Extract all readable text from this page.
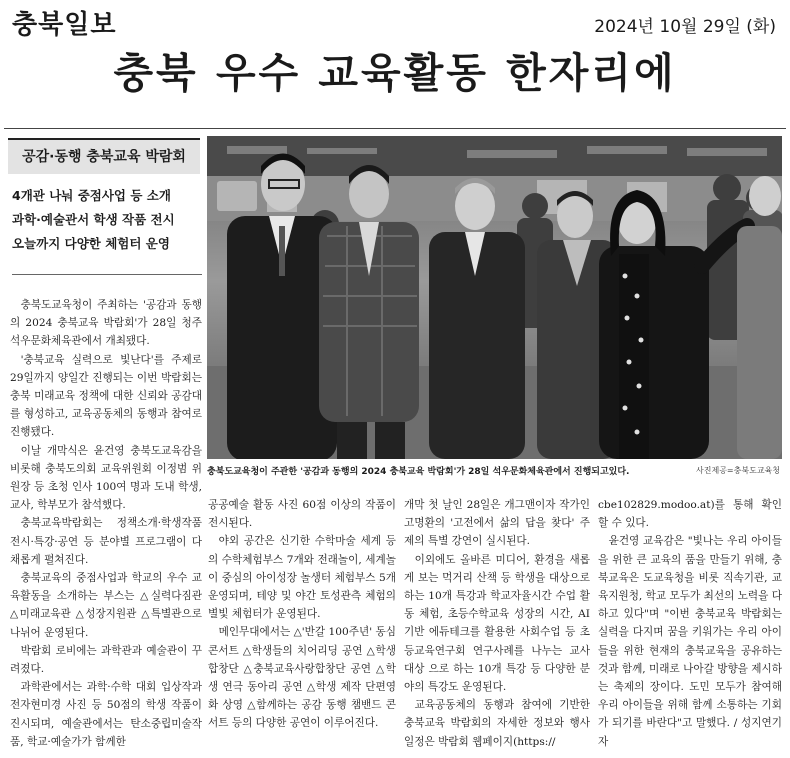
충북일보	2024년 10월 29일 (화)
충북 우수 교육활동 한자리에
공감·동행 충북교육 박람회
4개관 나눠 중점사업 등 소개
과학·예술관서 학생 작품 전시
오늘까지 다양한 체험터 운영
충북도교육청이 주관한 '공감과 동행의 2024 충북교육 박람회'가 28일 석우문화체육관에서 진행되고있다.	사진제공=충북도교육청

충북도교육청이 주최하는 '공감과 동행의 2024 충북교육 박람회'가 28일 청주 석우문화체육관에서 개최됐다.

'충북교육 실력으로 빛난다'를 주제로 29일까지 양일간 진행되는 이번 박람회는 충북 미래교육 정책에 대한 신뢰와 공감대를 형성하고, 교육공동체의 동행과 참여로 진행됐다.

이날 개막식은 윤건영 충북도교육감을 비롯해 충북도의회 교육위원회 이정범 위원장 등 초청 인사 100여 명과 도내 학생, 교사, 학부모가 참석했다.

충북교육박람회는 정책소개·학생작품 전시·특강·공연 등 분야별 프로그램이 다채롭게 펼쳐진다.

충북교육의 중점사업과 학교의 우수 교육활동을 소개하는 부스는 △실력다짐관 △미래교육관 △성장지원관 △특별관으로 나뉘어 운영된다.

박람회 로비에는 과학관과 예술관이 꾸려졌다.

과학관에서는 과학·수학 대회 입상작과 전자현미경 사진 등 50점의 학생 작품이 진시되며, 예술관에서는 탄소중립미술작품, 학교·예술가가 함께한

공공예술 활동 사진 60점 이상의 작품이 전시된다.

야외 공간은 신기한 수학마술 세계 등의 수학체험부스 7개와 전래놀이, 세계놀이 중심의 아이성장 놀생터 체험부스 5개 운영되며, 테양 및 야간 토성관측 체험의 별빛 체험터가 운영된다.

메인무대에서는 △'반갈 100주년' 동심콘서트 △학생들의 치어리딩 공연 △학생합창단 △충북교육사랑합창단 공연 △학생 연극 동아리 공연 △학생 제작 단편영화 상영 △함께하는 공감 동행 챔밴드 콘서트 등의 다양한 공연이 이루어진다.

개막 첫 날인 28일은 개그맨이자 작가인 고명환의 '고전에서 삶의 답을 찾다' 주제의 특별 강연이 실시된다.

이외에도 올바른 미디어, 환경을 새롭게 보는 먹거리 산책 등 학생을 대상으로 하는 10개 특강과 학교자율시간 수업 활동 체험, 초등수학교육 성장의 시간, AI기반 에듀테크를 활용한 사회수업 등 초등교육연구회 연구사례를 나누는 교사 대상 으로 하는 10개 특강 등 다양한 분야의 특강도 운영된다.

교육공동체의 동행과 참여에 기반한 충북교육 박람회의 자세한 정보와 행사 일정은 박람회 웹페이지(https://

cbe102829.modoo.at)를 통해 확인할 수 있다.

윤건영 교육감은 "빛나는 우리 아이들을 위한 큰 교육의 품을 만들기 위해, 충북교육은 도교육청을 비롯 직속기관, 교육지원청, 학교 모두가 최선의 노력을 다하고 있다"며 "이번 충북교육 박람회는 실력을 다지며 꿈을 키워가는 우리 아이들을 위한 현재의 충북교육을 공유하는 것과 함께, 미래로 나아갈 방향을 제시하는 축제의 장이다. 도민 모두가 참여해 우리 아이들을 위해 함께 소통하는 기회가 되기를 바란다"고 말했다. / 성지연기자
